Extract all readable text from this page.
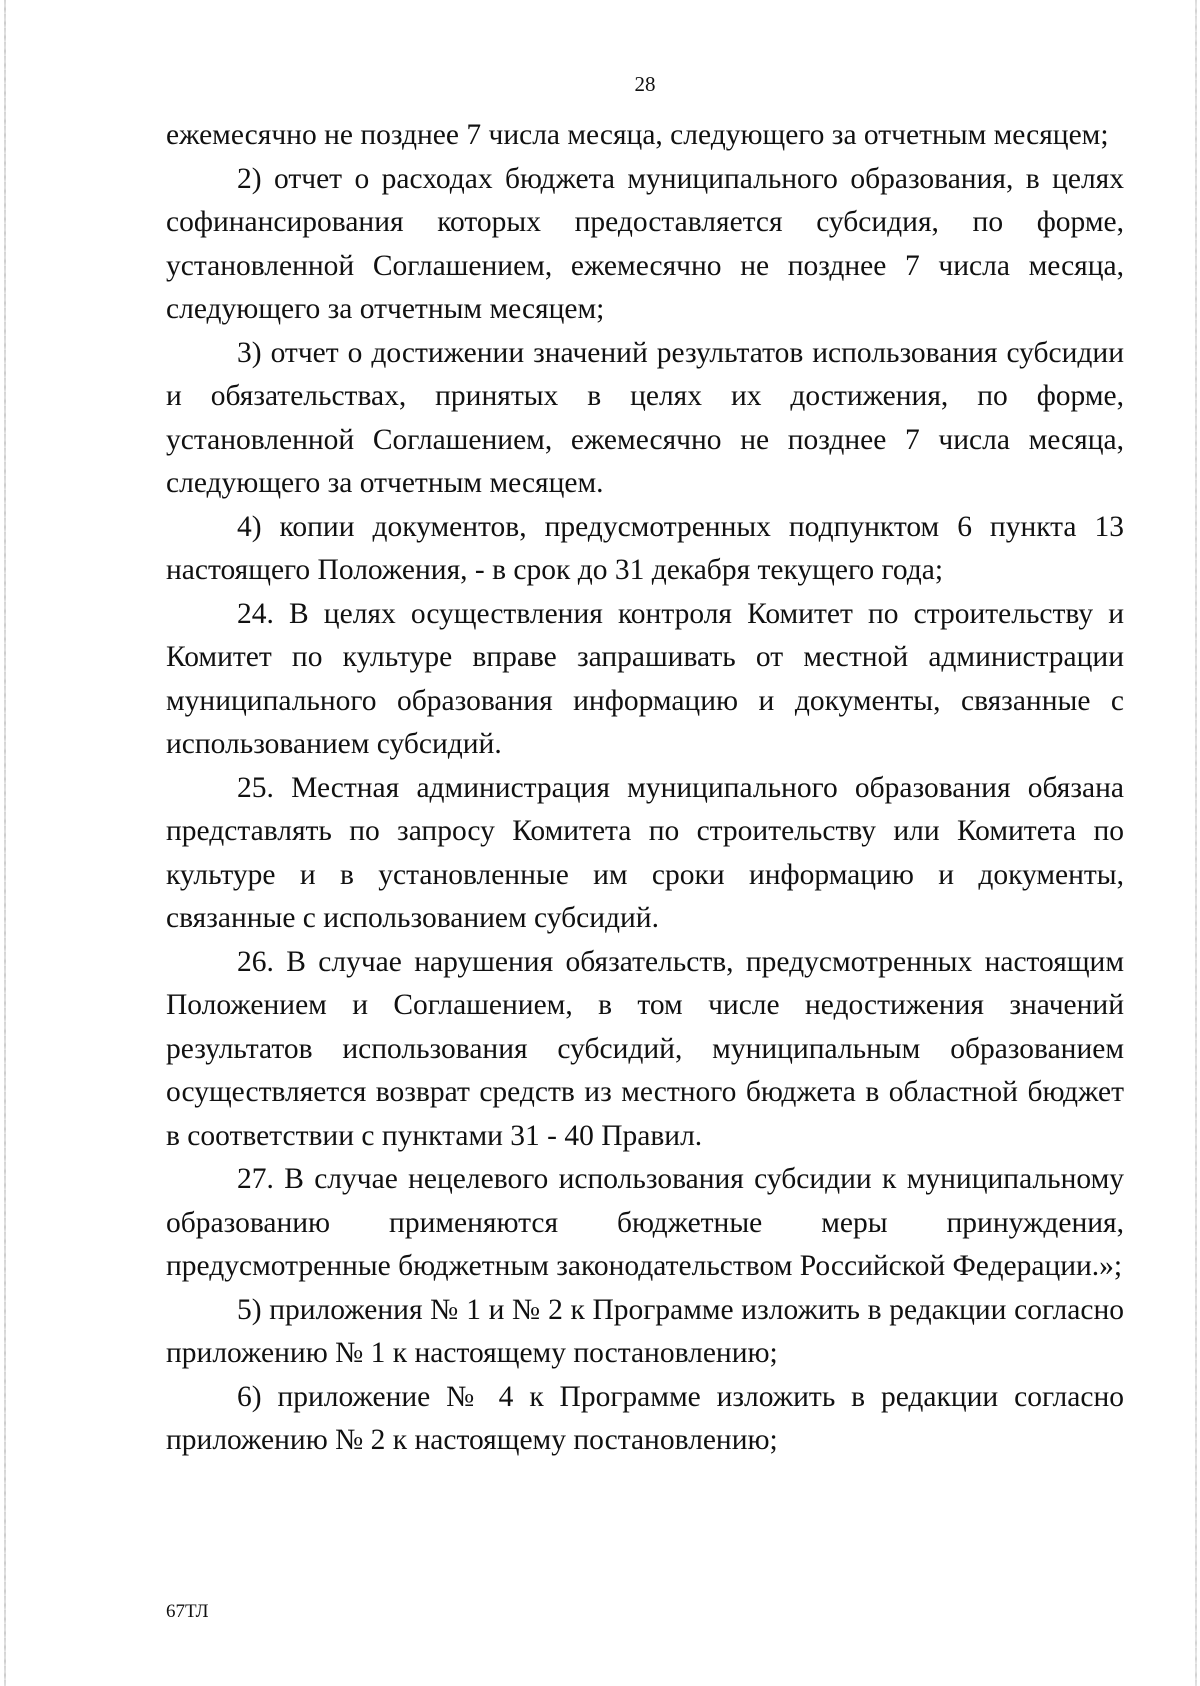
28

ежемесячно не позднее 7 числа месяца, следующего за отчетным месяцем;

2) отчет о расходах бюджета муниципального образования, в целях софинансирования которых предоставляется субсидия, по форме, установленной Соглашением, ежемесячно не позднее 7 числа месяца, следующего за отчетным месяцем;

3) отчет о достижении значений результатов использования субсидии и обязательствах, принятых в целях их достижения, по форме, установленной Соглашением, ежемесячно не позднее 7 числа месяца, следующего за отчетным месяцем.

4) копии документов, предусмотренных подпунктом 6 пункта 13 настоящего Положения, - в срок до 31 декабря текущего года;

24. В целях осуществления контроля Комитет по строительству и Комитет по культуре вправе запрашивать от местной администрации муниципального образования информацию и документы, связанные с использованием субсидий.

25. Местная администрация муниципального образования обязана представлять по запросу Комитета по строительству или Комитета по культуре и в установленные им сроки информацию и документы, связанные с использованием субсидий.

26. В случае нарушения обязательств, предусмотренных настоящим Положением и Соглашением, в том числе недостижения значений результатов использования субсидий, муниципальным образованием осуществляется возврат средств из местного бюджета в областной бюджет в соответствии с пунктами 31 - 40 Правил.

27. В случае нецелевого использования субсидии к муниципальному образованию применяются бюджетные меры принуждения, предусмотренные бюджетным законодательством Российской Федерации.»;

5) приложения № 1 и № 2 к Программе изложить в редакции согласно приложению № 1 к настоящему постановлению;

6) приложение № 4 к Программе изложить в редакции согласно приложению № 2 к настоящему постановлению;

67ТЛ
